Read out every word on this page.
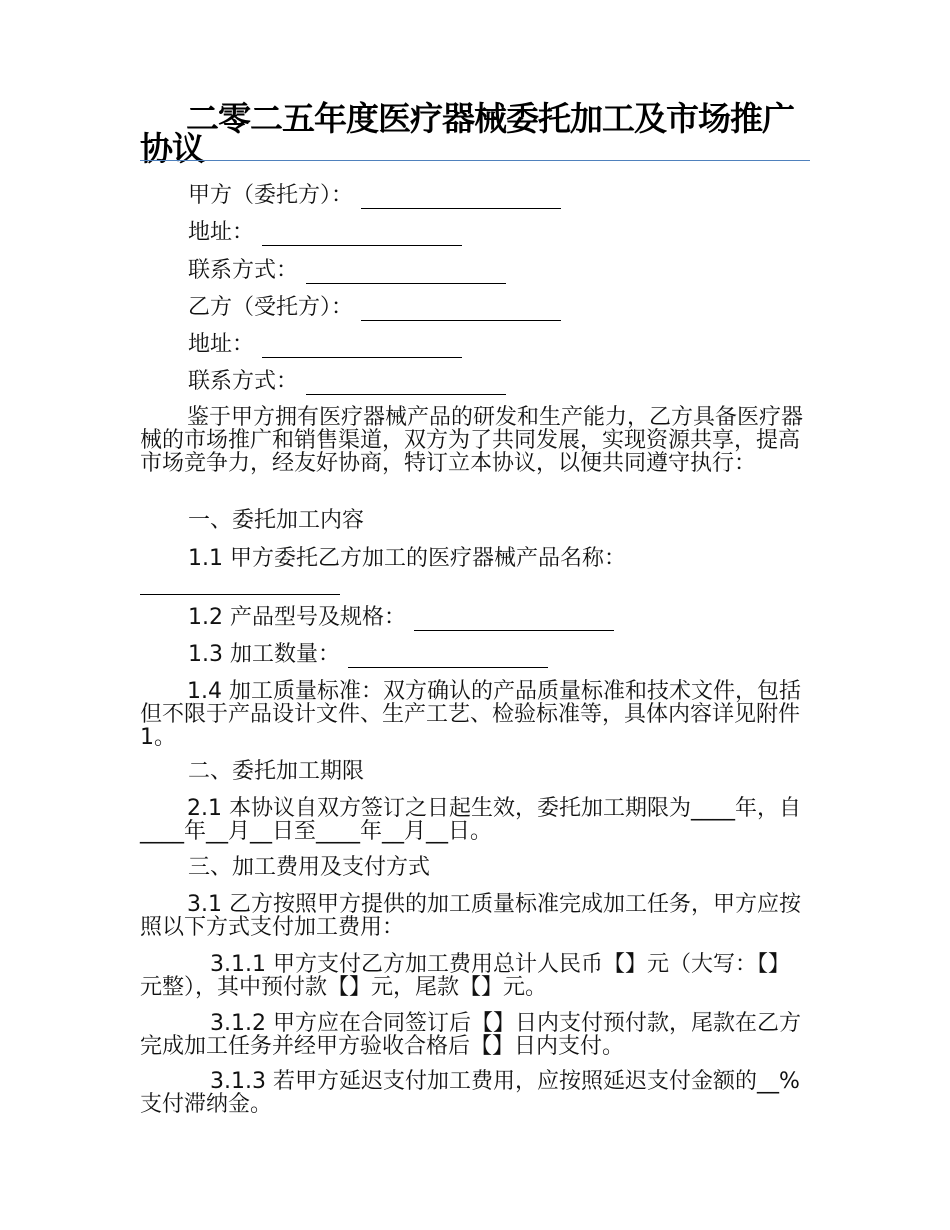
二零二五年度医疗器械委托加工及市场推广协议

甲方（委托方）：

地址：

联系方式：

乙方（受托方）：

地址：

联系方式：

鉴于甲方拥有医疗器械产品的研发和生产能力，乙方具备医疗器械的市场推广和销售渠道，双方为了共同发展，实现资源共享，提高市场竞争力，经友好协商，特订立本协议，以便共同遵守执行：

一、委托加工内容

1.1 甲方委托乙方加工的医疗器械产品名称：

1.2 产品型号及规格：

1.3 加工数量：

1.4 加工质量标准：双方确认的产品质量标准和技术文件，包括但不限于产品设计文件、生产工艺、检验标准等，具体内容详见附件 1。

二、委托加工期限

2.1 本协议自双方签订之日起生效，委托加工期限为____年，自____年__月__日至____年__月__日。

三、加工费用及支付方式

3.1 乙方按照甲方提供的加工质量标准完成加工任务，甲方应按照以下方式支付加工费用：

3.1.1 甲方支付乙方加工费用总计人民币【】元（大写：【】元整），其中预付款【】元，尾款【】元。

3.1.2 甲方应在合同签订后【】日内支付预付款，尾款在乙方完成加工任务并经甲方验收合格后【】日内支付。

3.1.3 若甲方延迟支付加工费用，应按照延迟支付金额的__%支付滞纳金。
